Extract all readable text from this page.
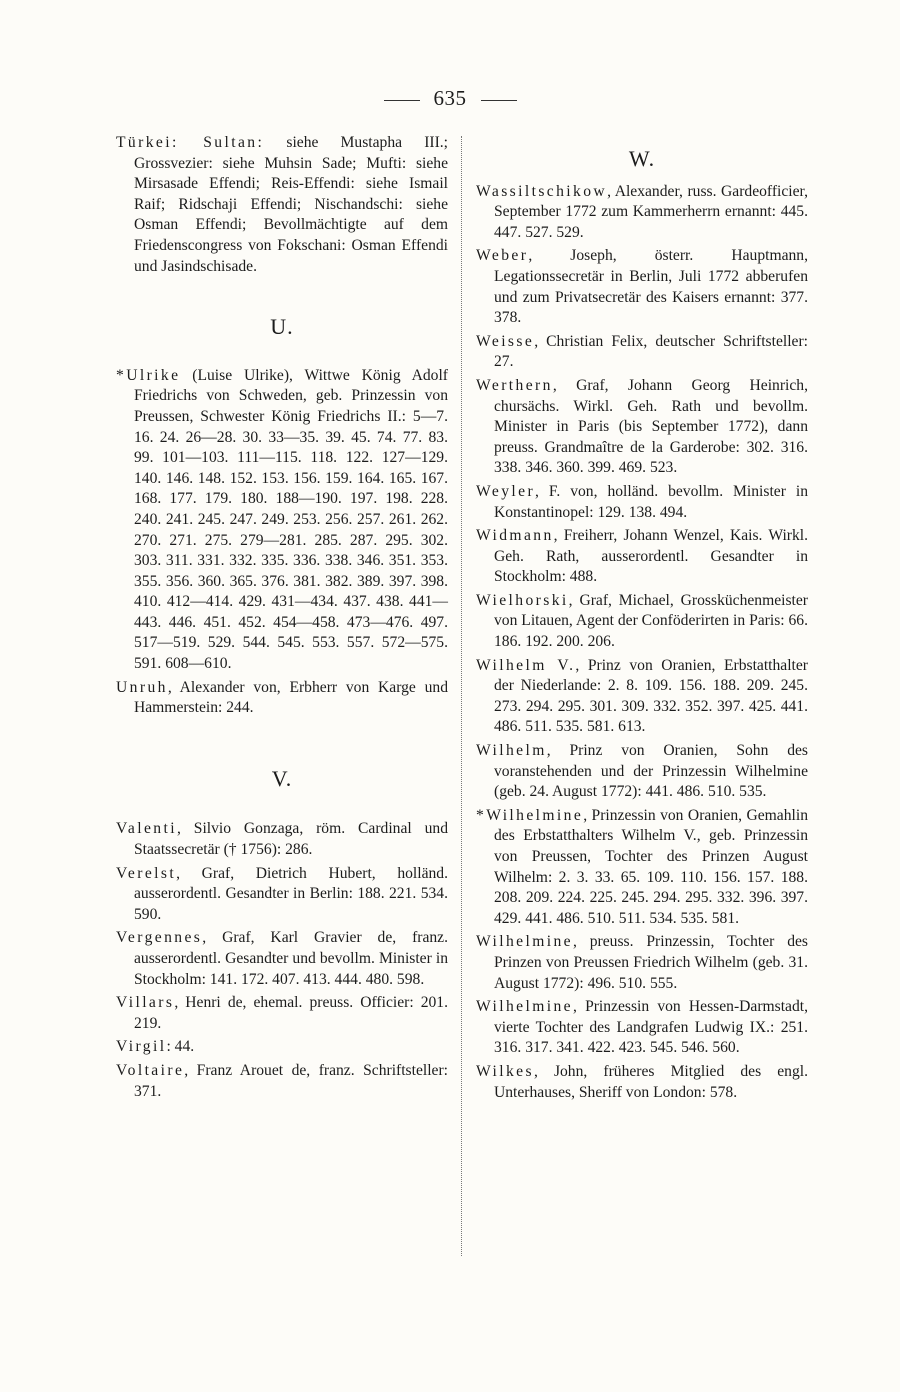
635

Türkei: Sultan: siehe Mustapha III.; Grossvezier: siehe Muhsin Sade; Mufti: siehe Mirsasade Effendi; Reis-Effendi: siehe Ismail Raif; Ridschaji Effendi; Nischandschi: siehe Osman Effendi; Bevollmächtigte auf dem Friedenscongress von Fokschani: Osman Effendi und Jasindschisade.

U.

*Ulrike (Luise Ulrike), Wittwe König Adolf Friedrichs von Schweden, geb. Prinzessin von Preussen, Schwester König Friedrichs II.: 5—7. 16. 24. 26—28. 30. 33—35. 39. 45. 74. 77. 83. 99. 101—103. 111—115. 118. 122. 127—129. 140. 146. 148. 152. 153. 156. 159. 164. 165. 167. 168. 177. 179. 180. 188—190. 197. 198. 228. 240. 241. 245. 247. 249. 253. 256. 257. 261. 262. 270. 271. 275. 279—281. 285. 287. 295. 302. 303. 311. 331. 332. 335. 336. 338. 346. 351. 353. 355. 356. 360. 365. 376. 381. 382. 389. 397. 398. 410. 412—414. 429. 431—434. 437. 438. 441—443. 446. 451. 452. 454—458. 473—476. 497. 517—519. 529. 544. 545. 553. 557. 572—575. 591. 608—610.

Unruh, Alexander von, Erbherr von Karge und Hammerstein: 244.

V.

Valenti, Silvio Gonzaga, röm. Cardinal und Staatssecretär († 1756): 286.

Verelst, Graf, Dietrich Hubert, holländ. ausserordentl. Gesandter in Berlin: 188. 221. 534. 590.

Vergennes, Graf, Karl Gravier de, franz. ausserordentl. Gesandter und bevollm. Minister in Stockholm: 141. 172. 407. 413. 444. 480. 598.

Villars, Henri de, ehemal. preuss. Officier: 201. 219.

Virgil: 44.

Voltaire, Franz Arouet de, franz. Schriftsteller: 371.

W.

Wassiltschikow, Alexander, russ. Gardeofficier, September 1772 zum Kammerherrn ernannt: 445. 447. 527. 529.

Weber, Joseph, österr. Hauptmann, Legationssecretär in Berlin, Juli 1772 abberufen und zum Privatsecretär des Kaisers ernannt: 377. 378.

Weisse, Christian Felix, deutscher Schriftsteller: 27.

Werthern, Graf, Johann Georg Heinrich, chursächs. Wirkl. Geh. Rath und bevollm. Minister in Paris (bis September 1772), dann preuss. Grandmaître de la Garderobe: 302. 316. 338. 346. 360. 399. 469. 523.

Weyler, F. von, holländ. bevollm. Minister in Konstantinopel: 129. 138. 494.

Widmann, Freiherr, Johann Wenzel, Kais. Wirkl. Geh. Rath, ausserordentl. Gesandter in Stockholm: 488.

Wielhorski, Graf, Michael, Grossküchenmeister von Litauen, Agent der Conföderirten in Paris: 66. 186. 192. 200. 206.

Wilhelm V., Prinz von Oranien, Erbstatthalter der Niederlande: 2. 8. 109. 156. 188. 209. 245. 273. 294. 295. 301. 309. 332. 352. 397. 425. 441. 486. 511. 535. 581. 613.

Wilhelm, Prinz von Oranien, Sohn des voranstehenden und der Prinzessin Wilhelmine (geb. 24. August 1772): 441. 486. 510. 535.

*Wilhelmine, Prinzessin von Oranien, Gemahlin des Erbstatthalters Wilhelm V., geb. Prinzessin von Preussen, Tochter des Prinzen August Wilhelm: 2. 3. 33. 65. 109. 110. 156. 157. 188. 208. 209. 224. 225. 245. 294. 295. 332. 396. 397. 429. 441. 486. 510. 511. 534. 535. 581.

Wilhelmine, preuss. Prinzessin, Tochter des Prinzen von Preussen Friedrich Wilhelm (geb. 31. August 1772): 496. 510. 555.

Wilhelmine, Prinzessin von Hessen-Darmstadt, vierte Tochter des Landgrafen Ludwig IX.: 251. 316. 317. 341. 422. 423. 545. 546. 560.

Wilkes, John, früheres Mitglied des engl. Unterhauses, Sheriff von London: 578.
